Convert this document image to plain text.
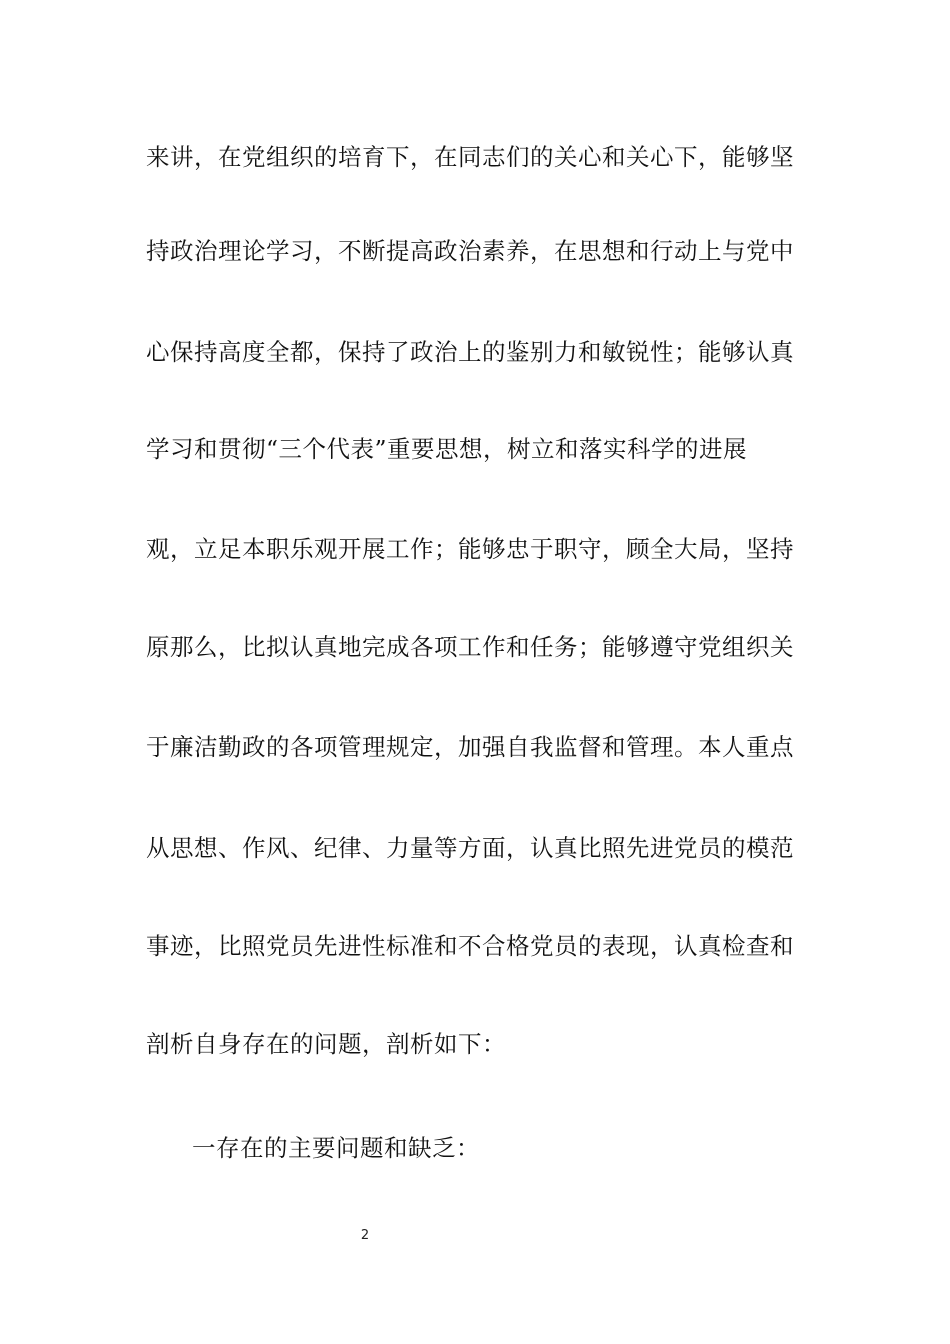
来讲，在党组织的培育下，在同志们的关心和关心下，能够坚
持政治理论学习，不断提高政治素养，在思想和行动上与党中
心保持高度全都，保持了政治上的鉴别力和敏锐性；能够认真
学习和贯彻“三个代表”重要思想，树立和落实科学的进展
观，立足本职乐观开展工作；能够忠于职守，顾全大局，坚持
原那么，比拟认真地完成各项工作和任务；能够遵守党组织关
于廉洁勤政的各项管理规定，加强自我监督和管理。本人重点
从思想、作风、纪律、力量等方面，认真比照先进党员的模范
事迹，比照党员先进性标准和不合格党员的表现，认真检查和
剖析自身存在的问题，剖析如下：
一存在的主要问题和缺乏：
2
